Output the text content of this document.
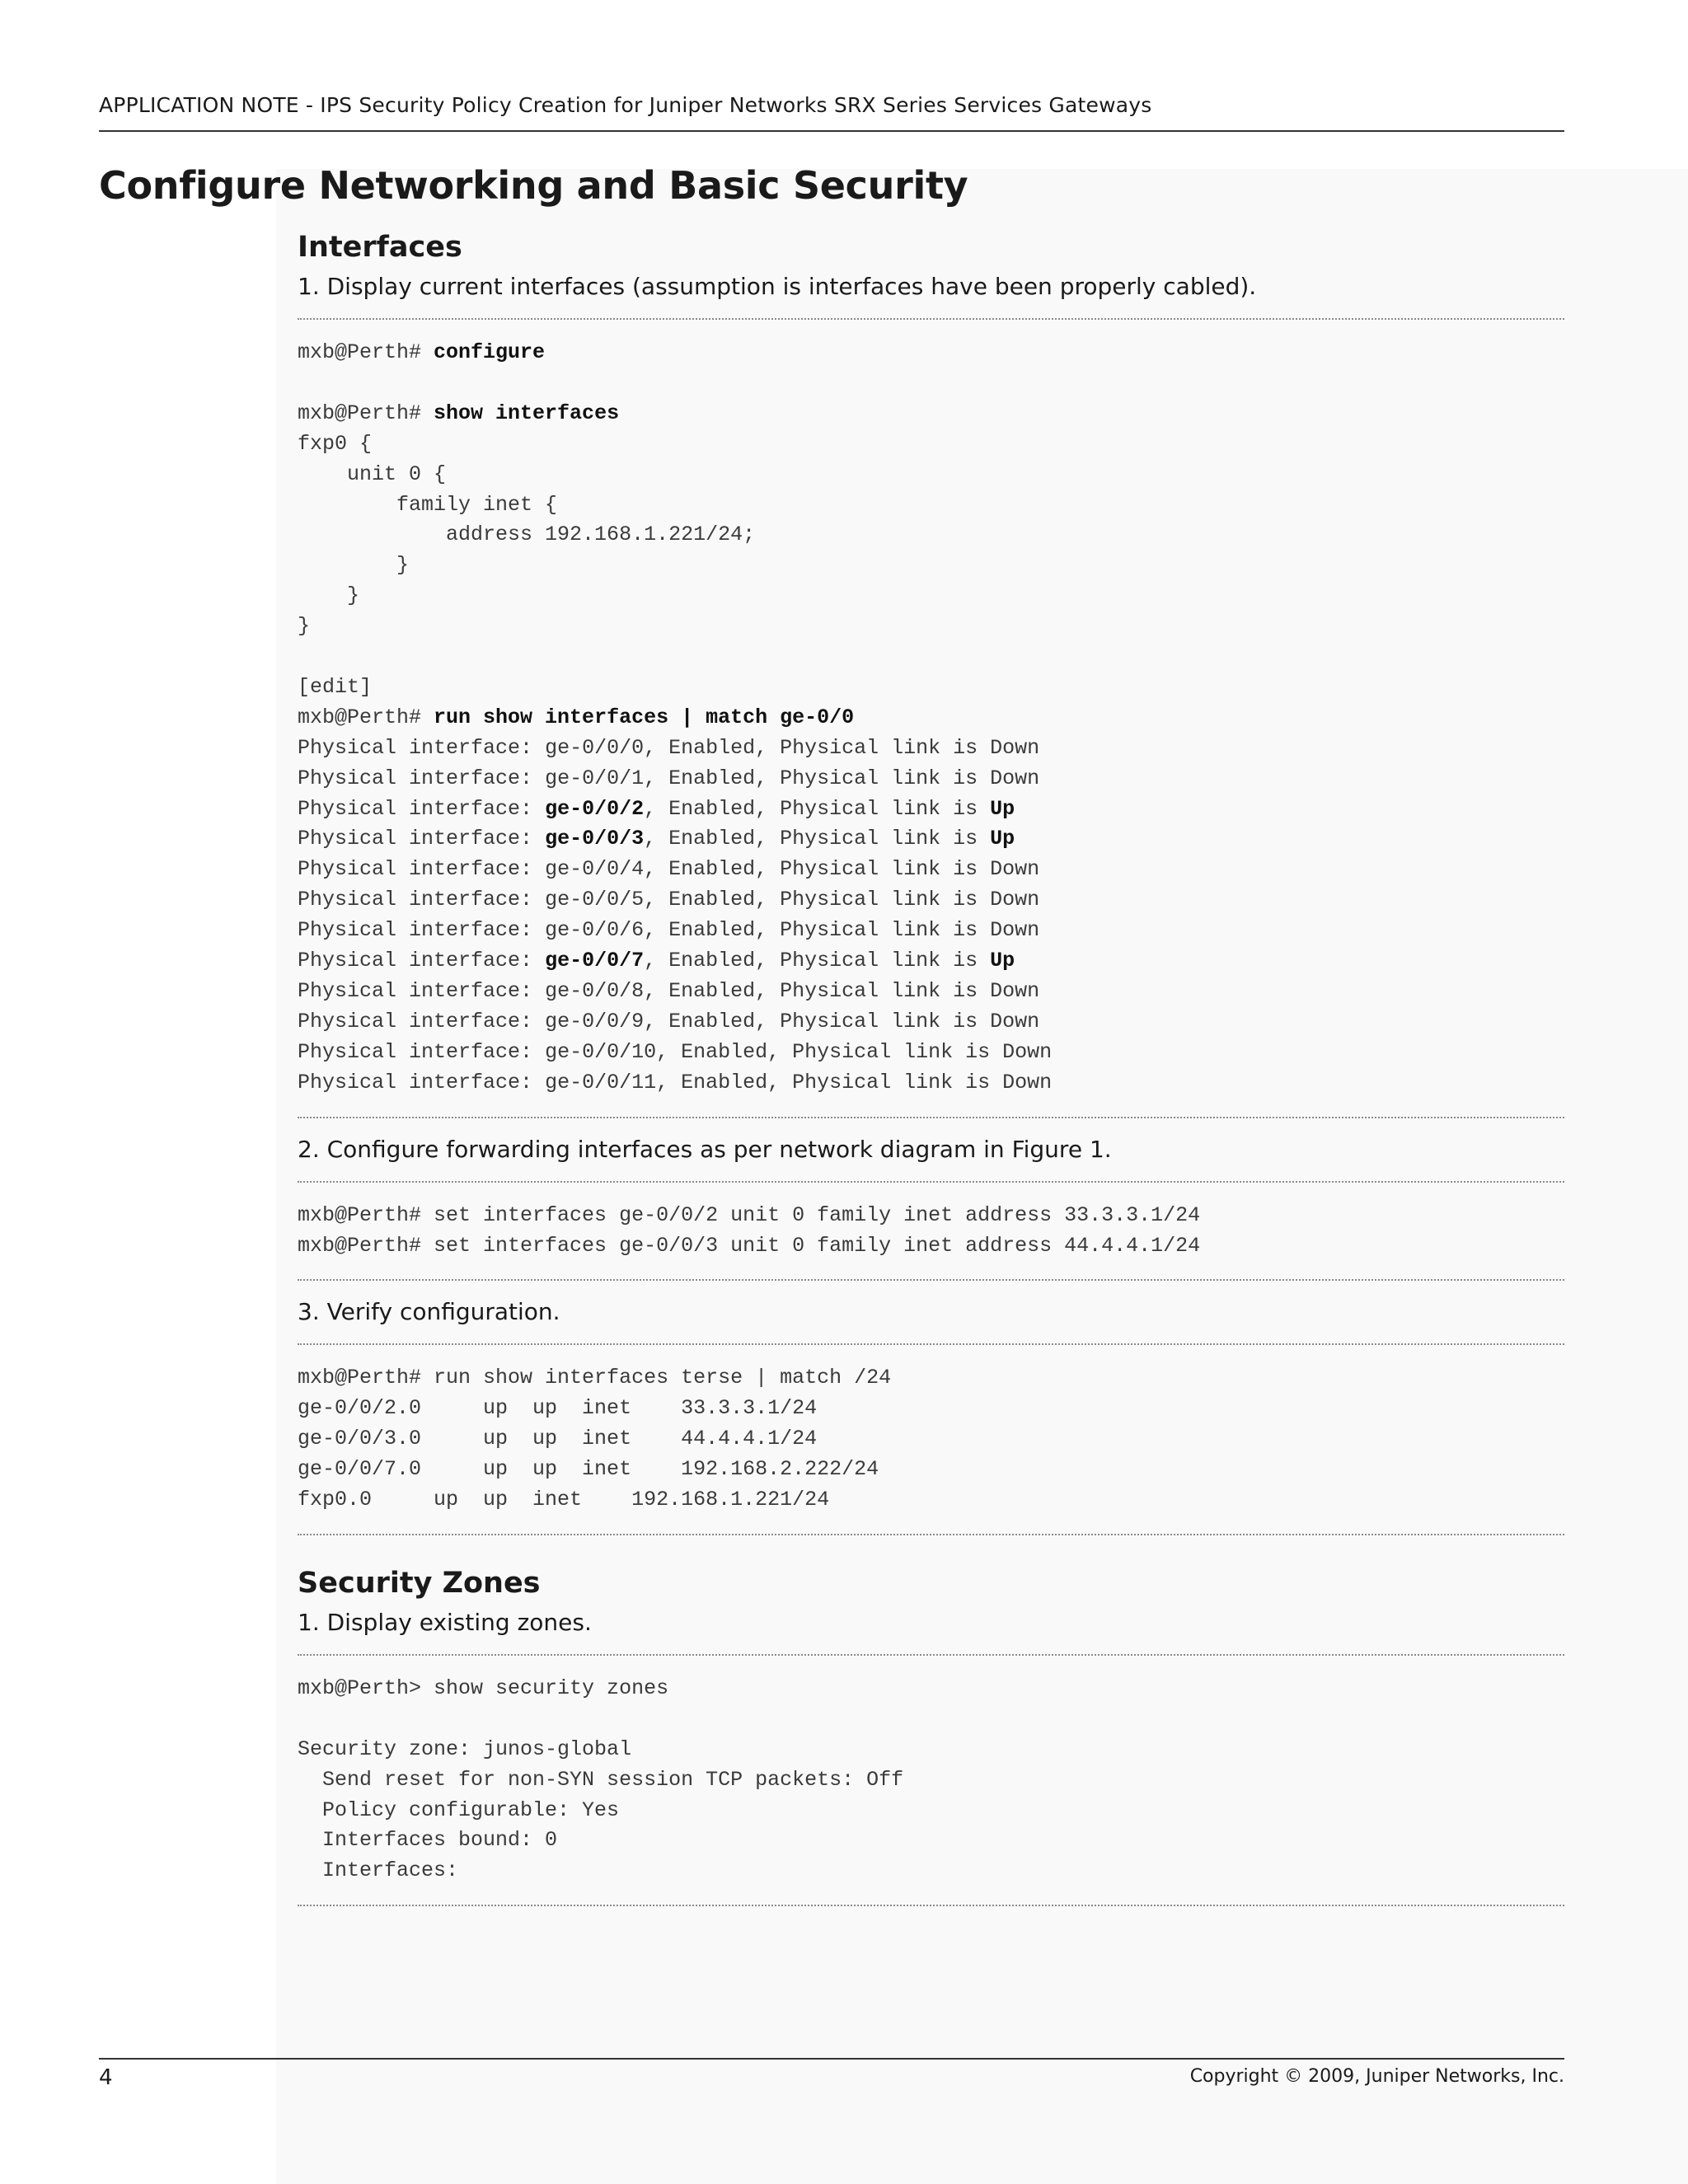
APPLICATION NOTE - IPS Security Policy Creation for Juniper Networks SRX Series Services Gateways
Configure Networking and Basic Security
Interfaces

1. Display current interfaces (assumption is interfaces have been properly cabled).

mxb@Perth# configure
mxb@Perth# show interfaces
fxp0 {
unit 0 {
family inet {
address 192.168.1.221/24;
}
}
}
[edit]
mxb@Perth# run show interfaces | match ge-0/0
Physical interface: ge-0/0/0, Enabled, Physical link is Down
Physical interface: ge-0/0/1, Enabled, Physical link is Down
Physical interface: ge-0/0/2, Enabled, Physical link is Up
Physical interface: ge-0/0/3, Enabled, Physical link is Up
Physical interface: ge-0/0/4, Enabled, Physical link is Down
Physical interface: ge-0/0/5, Enabled, Physical link is Down
Physical interface: ge-0/0/6, Enabled, Physical link is Down
Physical interface: ge-0/0/7, Enabled, Physical link is Up
Physical interface: ge-0/0/8, Enabled, Physical link is Down
Physical interface: ge-0/0/9, Enabled, Physical link is Down
Physical interface: ge-0/0/10, Enabled, Physical link is Down
Physical interface: ge-0/0/11, Enabled, Physical link is Down

2. Configure forwarding interfaces as per network diagram in Figure 1.

mxb@Perth# set interfaces ge-0/0/2 unit 0 family inet address 33.3.3.1/24
mxb@Perth# set interfaces ge-0/0/3 unit 0 family inet address 44.4.4.1/24

3. Verify configuration.

mxb@Perth# run show interfaces terse | match /24
ge-0/0/2.0     up  up  inet    33.3.3.1/24
ge-0/0/3.0     up  up  inet    44.4.4.1/24
ge-0/0/7.0     up  up  inet    192.168.2.222/24
fxp0.0     up  up  inet    192.168.1.221/24
Security Zones

1. Display existing zones.

mxb@Perth> show security zones
Security zone: junos-global
Send reset for non-SYN session TCP packets: Off
Policy configurable: Yes
Interfaces bound: 0
Interfaces:
4	Copyright © 2009, Juniper Networks, Inc.
